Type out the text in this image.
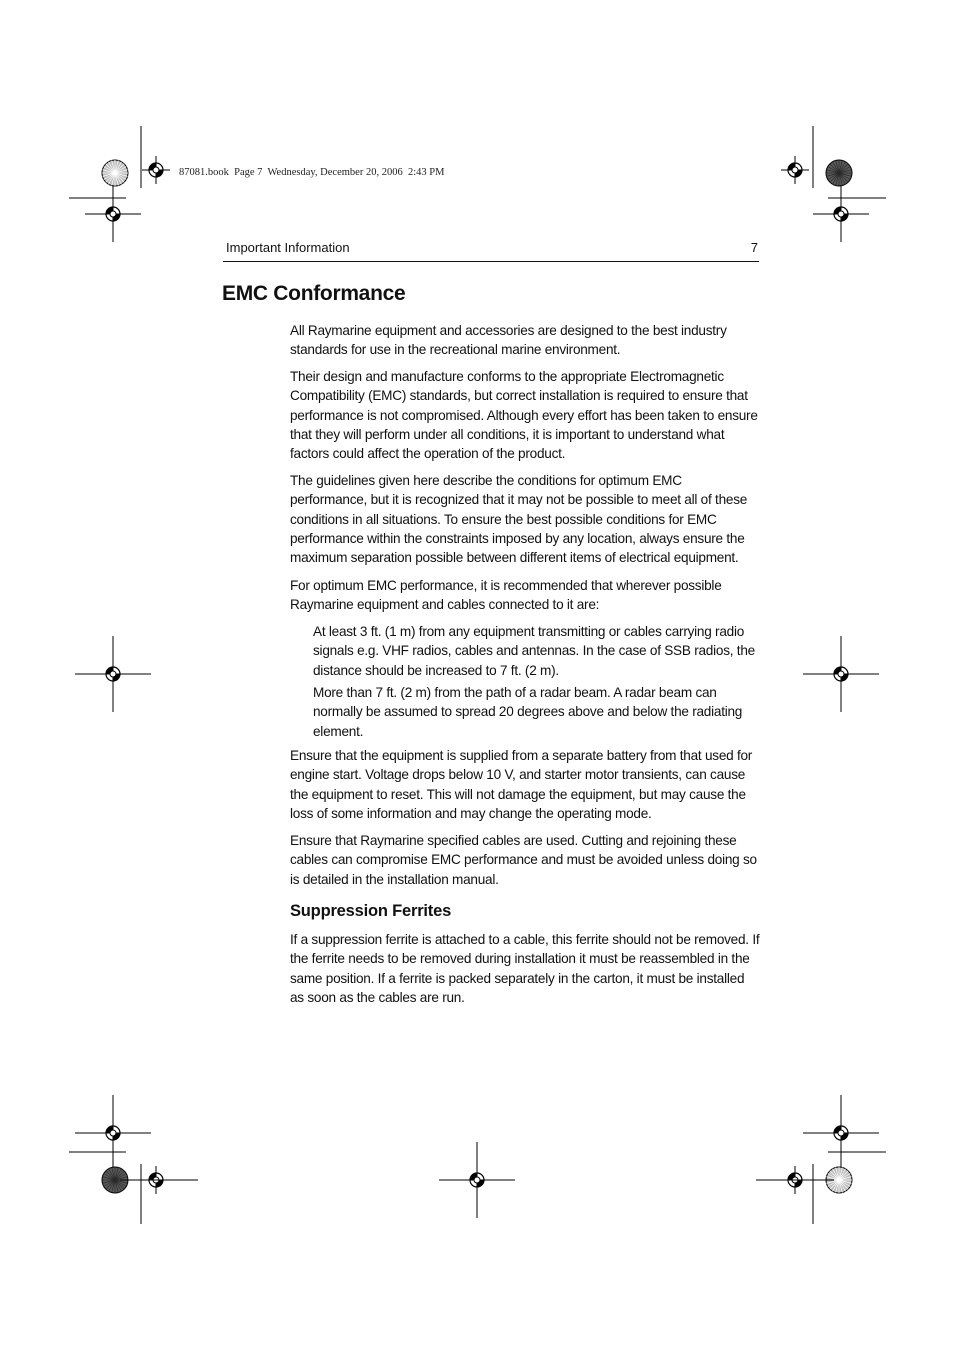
87081.book  Page 7  Wednesday, December 20, 2006  2:43 PM
Important Information	7
EMC Conformance

All Raymarine equipment and accessories are designed to the best industry standards for use in the recreational marine environment.

Their design and manufacture conforms to the appropriate Electromagnetic Compatibility (EMC) standards, but correct installation is required to ensure that performance is not compromised. Although every effort has been taken to ensure that they will perform under all conditions, it is important to understand what factors could affect the operation of the product.

The guidelines given here describe the conditions for optimum EMC performance, but it is recognized that it may not be possible to meet all of these conditions in all situations. To ensure the best possible conditions for EMC performance within the constraints imposed by any location, always ensure the maximum separation possible between different items of electrical equipment.

For optimum EMC performance, it is recommended that wherever possible Raymarine equipment and cables connected to it are:

At least 3 ft. (1 m) from any equipment transmitting or cables carrying radio signals e.g. VHF radios, cables and antennas. In the case of SSB radios, the distance should be increased to 7 ft. (2 m).

More than 7 ft. (2 m) from the path of a radar beam. A radar beam can normally be assumed to spread 20 degrees above and below the radiating element.

Ensure that the equipment is supplied from a separate battery from that used for engine start. Voltage drops below 10 V, and starter motor transients, can cause the equipment to reset. This will not damage the equipment, but may cause the loss of some information and may change the operating mode.

Ensure that Raymarine specified cables are used. Cutting and rejoining these cables can compromise EMC performance and must be avoided unless doing so is detailed in the installation manual.

Suppression Ferrites

If a suppression ferrite is attached to a cable, this ferrite should not be removed. If the ferrite needs to be removed during installation it must be reassembled in the same position. If a ferrite is packed separately in the carton, it must be installed as soon as the cables are run.
